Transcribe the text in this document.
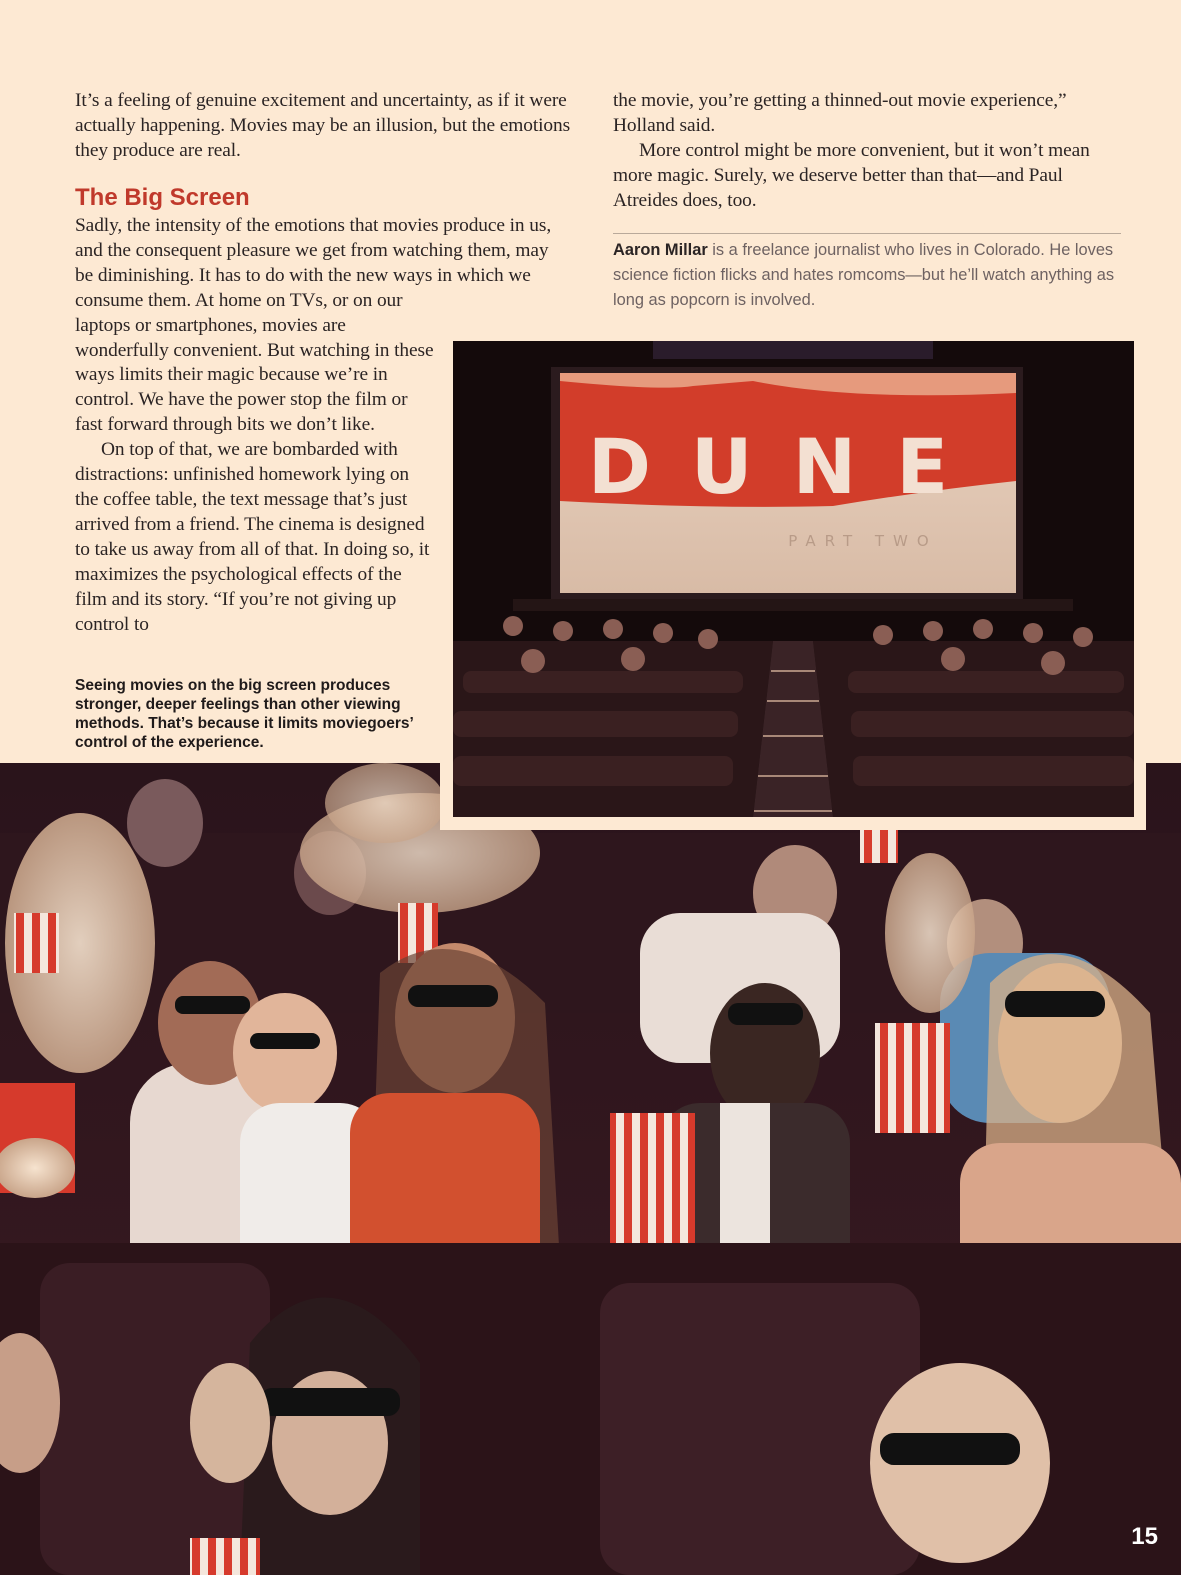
It’s a feeling of genuine excitement and uncertainty, as if it were actually happening. Movies may be an illusion, but the emotions they produce are real.

The Big Screen

Sadly, the intensity of the emotions that movies produce in us, and the consequent pleasure we get from watching them, may be diminishing. It has to do with the new ways in which we consume them. At home on TVs, or on our

laptops or smartphones, movies are wonderfully convenient. But watching in these ways limits their magic because we’re in control. We have the power stop the film or fast forward through bits we don’t like.

On top of that, we are bombarded with distractions: unfinished homework lying on the coffee table, the text message that’s just arrived from a friend. The cinema is designed to take us away from all of that. In doing so, it maximizes the psychological effects of the film and its story. “If you’re not giving up control to

Seeing movies on the big screen produces stronger, deeper feelings than other viewing methods. That’s because it limits moviegoers’ control of the experience.

the movie, you’re getting a thinned-out movie experience,” Holland said.

More control might be more convenient, but it won’t mean more magic. Surely, we deserve better than that—and Paul Atreides does, too.

Aaron Millar is a freelance journalist who lives in Colorado. He loves science fiction flicks and hates romcoms—but he’ll watch anything as long as popcorn is involved.

DUNE
PART TWO

15
